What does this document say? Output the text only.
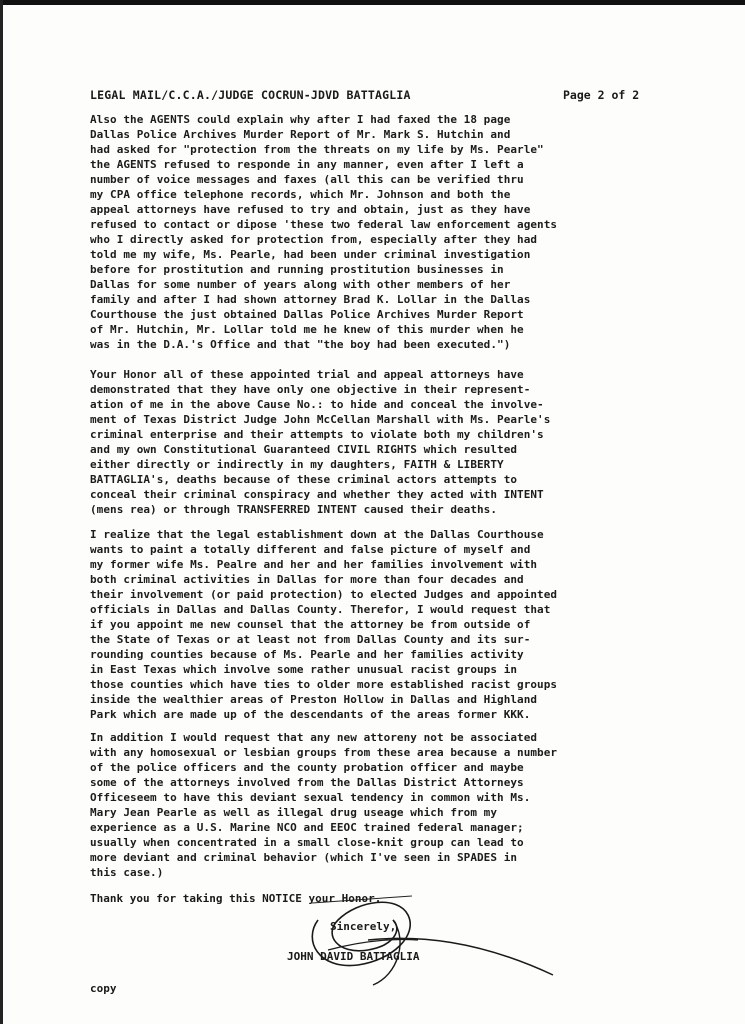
LEGAL MAIL/C.C.A./JUDGE COCRUN-JDVD BATTAGLIA	Page 2 of 2
Also the AGENTS could explain why after I had faxed the 18 page
Dallas Police Archives Murder Report of Mr. Mark S. Hutchin and
had asked for "protection from the threats on my life by Ms. Pearle"
the AGENTS refused to responde in any manner, even after I left a
number of voice messages and faxes (all this can be verified thru
my CPA office telephone records, which Mr. Johnson and both the
appeal attorneys have refused to try and obtain, just as they have
refused to contact or dipose 'these two federal law enforcement agents
who I directly asked for protection from, especially after they had
told me my wife, Ms. Pearle, had been under criminal investigation
before for prostitution and running prostitution businesses in
Dallas for some number of years along with other members of her
family and after I had shown attorney Brad K. Lollar in the Dallas
Courthouse the just obtained Dallas Police Archives Murder Report
of Mr. Hutchin, Mr. Lollar told me he knew of this murder when he
was in the D.A.'s Office and that "the boy had been executed.")
Your Honor all of these appointed trial and appeal attorneys have
demonstrated that they have only one objective in their represent-
ation of me in the above Cause No.: to hide and conceal the involve-
ment of Texas District Judge John McCellan Marshall with Ms. Pearle's
criminal enterprise and their attempts to violate both my children's
and my own Constitutional Guaranteed CIVIL RIGHTS which resulted
either directly or indirectly in my daughters, FAITH & LIBERTY
BATTAGLIA's, deaths because of these criminal actors attempts to
conceal their criminal conspiracy and whether they acted with INTENT
(mens rea) or through TRANSFERRED INTENT caused their deaths.
I realize that the legal establishment down at the Dallas Courthouse
wants to paint a totally different and false picture of myself and
my former wife Ms. Pealre and her and her families involvement with
both criminal activities in Dallas for more than four decades and
their involvement (or paid protection) to elected Judges and appointed
officials in Dallas and Dallas County. Therefor, I would request that
if you appoint me new counsel that the attorney be from outside of
the State of Texas or at least not from Dallas County and its sur-
rounding counties because of Ms. Pearle and her families activity
in East Texas which involve some rather unusual racist groups in
those counties which have ties to older more established racist groups
inside the wealthier areas of Preston Hollow in Dallas and Highland
Park which are made up of the descendants of the areas former KKK.
In addition I would request that any new attoreny not be associated
with any homosexual or lesbian groups from these area because a number
of the police officers and the county probation officer and maybe
some of the attorneys involved from the Dallas District Attorneys
Officeseem to have this deviant sexual tendency in common with Ms.
Mary Jean Pearle as well as illegal drug useage which from my
experience as a U.S. Marine NCO and EEOC trained federal manager;
usually when concentrated in a small close-knit group can lead to
more deviant and criminal behavior (which I've seen in SPADES in
this case.)
Thank you for taking this NOTICE your Honor.
Sincerely,
JOHN DAVID BATTAGLIA
copy
